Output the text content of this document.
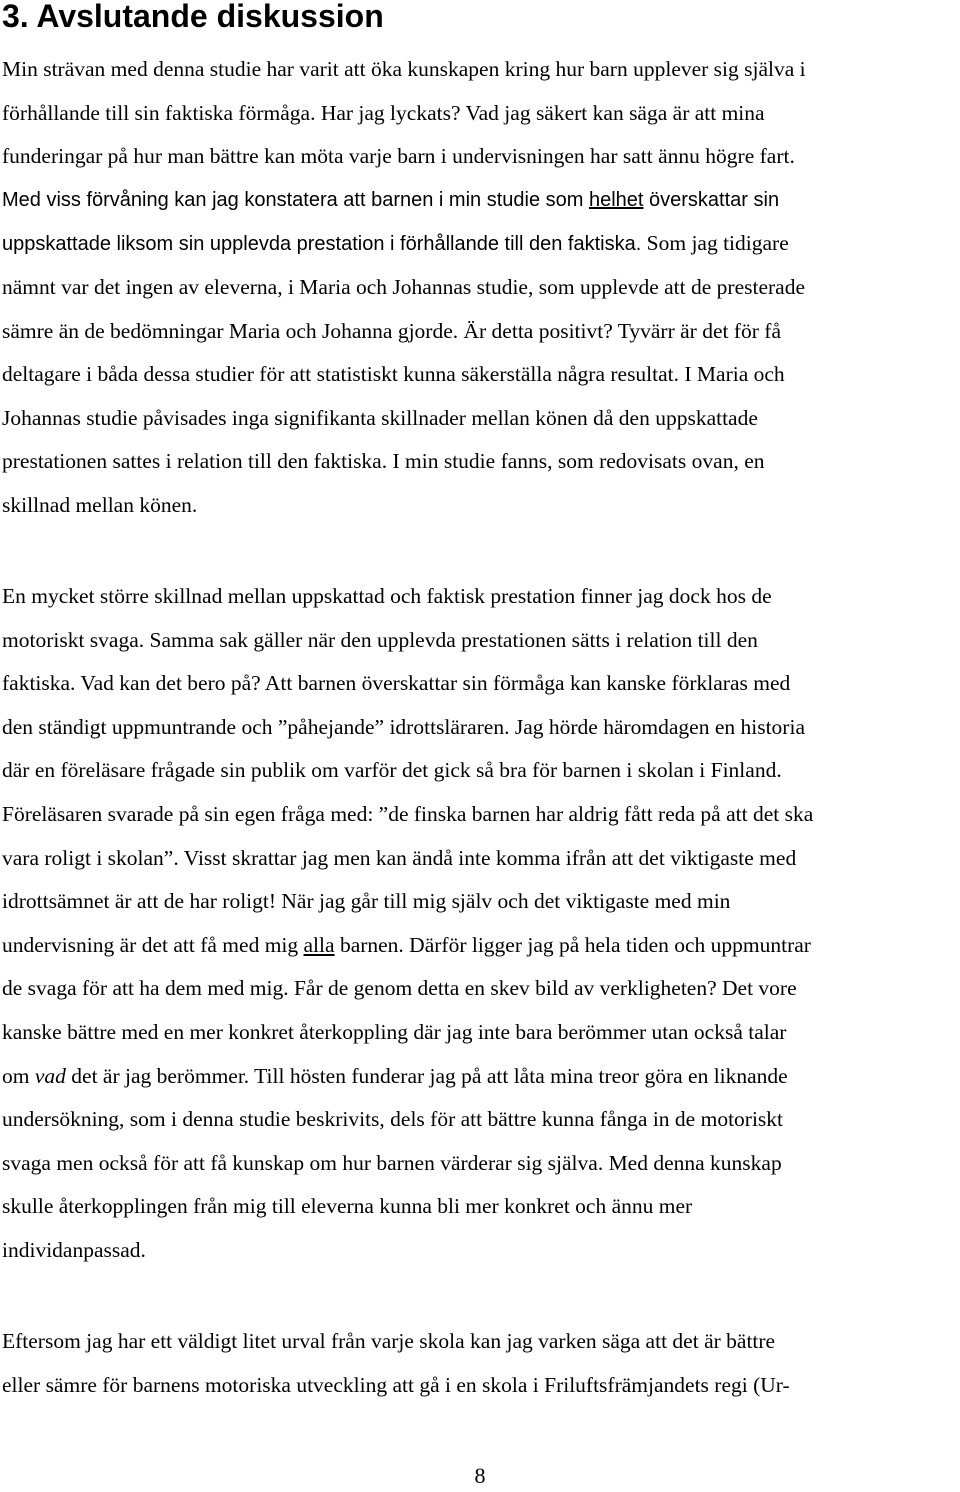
3. Avslutande diskussion
Min strävan med denna studie har varit att öka kunskapen kring hur barn upplever sig själva i
förhållande till sin faktiska förmåga. Har jag lyckats? Vad jag säkert kan säga är att mina
funderingar på hur man bättre kan möta varje barn i undervisningen har satt ännu högre fart.
Med viss förvåning kan jag konstatera att barnen i min studie som helhet överskattar sin
uppskattade liksom sin upplevda prestation i förhållande till den faktiska. Som jag tidigare
nämnt var det ingen av eleverna, i Maria och Johannas studie, som upplevde att de presterade
sämre än de bedömningar Maria och Johanna gjorde. Är detta positivt? Tyvärr är det för få
deltagare i båda dessa studier för att statistiskt kunna säkerställa några resultat. I Maria och
Johannas studie påvisades inga signifikanta skillnader mellan könen då den uppskattade
prestationen sattes i relation till den faktiska. I min studie fanns, som redovisats ovan, en
skillnad mellan könen.
En mycket större skillnad mellan uppskattad och faktisk prestation finner jag dock hos de
motoriskt svaga. Samma sak gäller när den upplevda prestationen sätts i relation till den
faktiska. Vad kan det bero på? Att barnen överskattar sin förmåga kan kanske förklaras med
den ständigt uppmuntrande och ”påhejande” idrottsläraren. Jag hörde häromdagen en historia
där en föreläsare frågade sin publik om varför det gick så bra för barnen i skolan i Finland.
Föreläsaren svarade på sin egen fråga med: ”de finska barnen har aldrig fått reda på att det ska
vara roligt i skolan”. Visst skrattar jag men kan ändå inte komma ifrån att det viktigaste med
idrottsämnet är att de har roligt! När jag går till mig själv och det viktigaste med min
undervisning är det att få med mig alla barnen. Därför ligger jag på hela tiden och uppmuntrar
de svaga för att ha dem med mig. Får de genom detta en skev bild av verkligheten? Det vore
kanske bättre med en mer konkret återkoppling där jag inte bara berömmer utan också talar
om vad det är jag berömmer. Till hösten funderar jag på att låta mina treor göra en liknande
undersökning, som i denna studie beskrivits, dels för att bättre kunna fånga in de motoriskt
svaga men också för att få kunskap om hur barnen värderar sig själva. Med denna kunskap
skulle återkopplingen från mig till eleverna kunna bli mer konkret och ännu mer
individanpassad.
Eftersom jag har ett väldigt litet urval från varje skola kan jag varken säga att det är bättre
eller sämre för barnens motoriska utveckling att gå i en skola i Friluftsfrämjandets regi (Ur-
8
